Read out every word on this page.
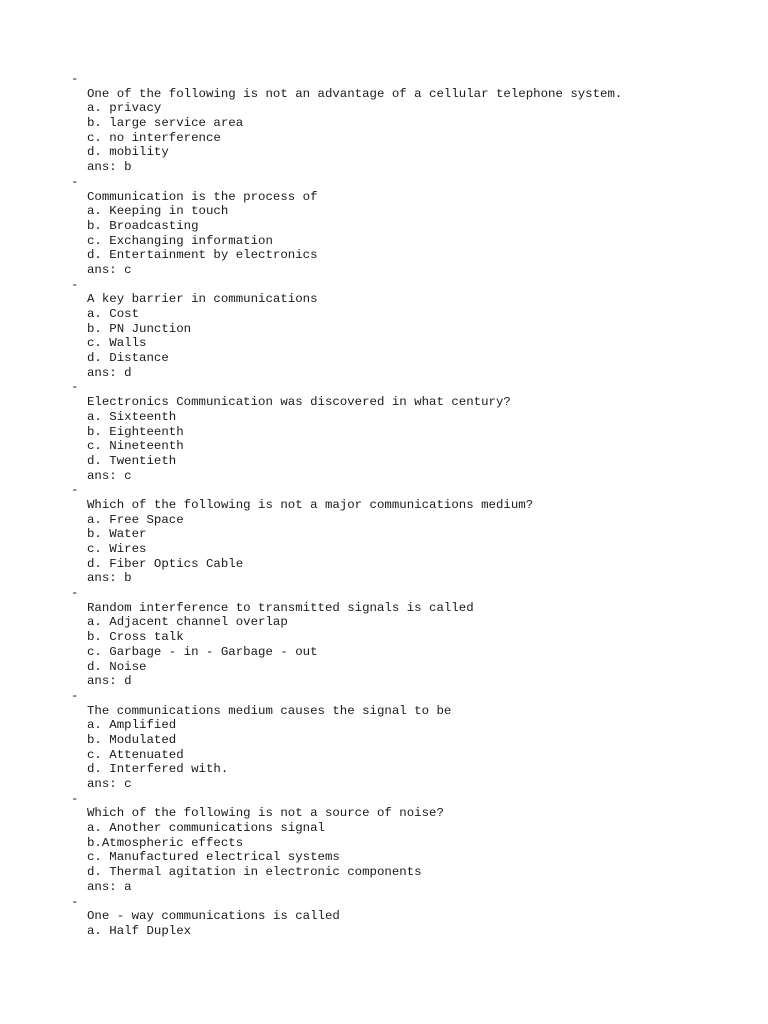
-
One of the following is not an advantage of a cellular telephone system.
a. privacy
b. large service area
c. no interference
d. mobility
ans: b
-
Communication is the process of
a. Keeping in touch
b. Broadcasting
c. Exchanging information
d. Entertainment by electronics
ans: c
-
A key barrier in communications
a. Cost
b. PN Junction
c. Walls
d. Distance
ans: d
-
Electronics Communication was discovered in what century?
a. Sixteenth
b. Eighteenth
c. Nineteenth
d. Twentieth
ans: c
-
Which of the following is not a major communications medium?
a. Free Space
b. Water
c. Wires
d. Fiber Optics Cable
ans: b
-
Random interference to transmitted signals is called
a. Adjacent channel overlap
b. Cross talk
c. Garbage - in - Garbage - out
d. Noise
ans: d
-
The communications medium causes the signal to be
a. Amplified
b. Modulated
c. Attenuated
d. Interfered with.
ans: c
-
Which of the following is not a source of noise?
a. Another communications signal
b.Atmospheric effects
c. Manufactured electrical systems
d. Thermal agitation in electronic components
ans: a
-
One - way communications is called
a. Half Duplex
